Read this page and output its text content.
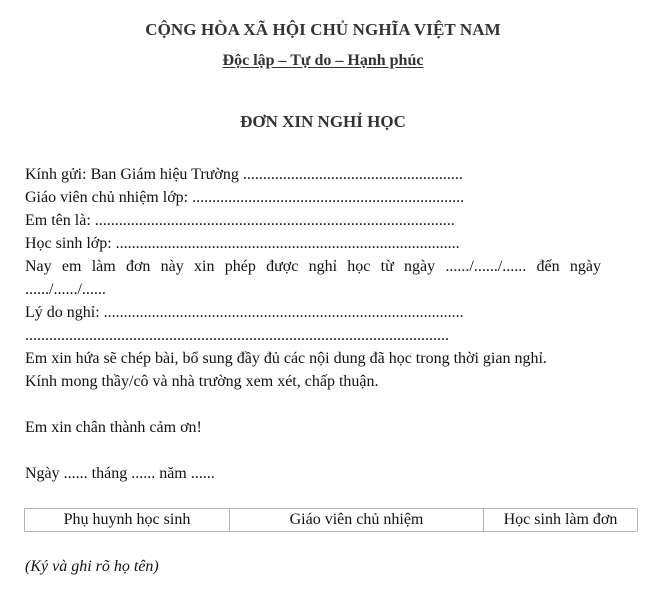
CỘNG HÒA XÃ HỘI CHỦ NGHĨA VIỆT NAM
Độc lập – Tự do – Hạnh phúc
ĐƠN XIN NGHỈ HỌC
Kính gửi: Ban Giám hiệu Trường .......................................................
Giáo viên chủ nhiệm lớp: ....................................................................
Em tên là: ..........................................................................................
Học sinh lớp: ......................................................................................
Nay em làm đơn này xin phép được nghỉ học từ ngày ....../....../...... đến ngày
....../....../......
Lý do nghỉ: ..........................................................................................
..........................................................................................................
Em xin hứa sẽ chép bài, bổ sung đầy đủ các nội dung đã học trong thời gian nghỉ.
Kính mong thầy/cô và nhà trường xem xét, chấp thuận.
Em xin chân thành cảm ơn!
Ngày ...... tháng ...... năm ......
Phụ huynh học sinh	Giáo viên chủ nhiệm	Học sinh làm đơn
(Ký và ghi rõ họ tên)
